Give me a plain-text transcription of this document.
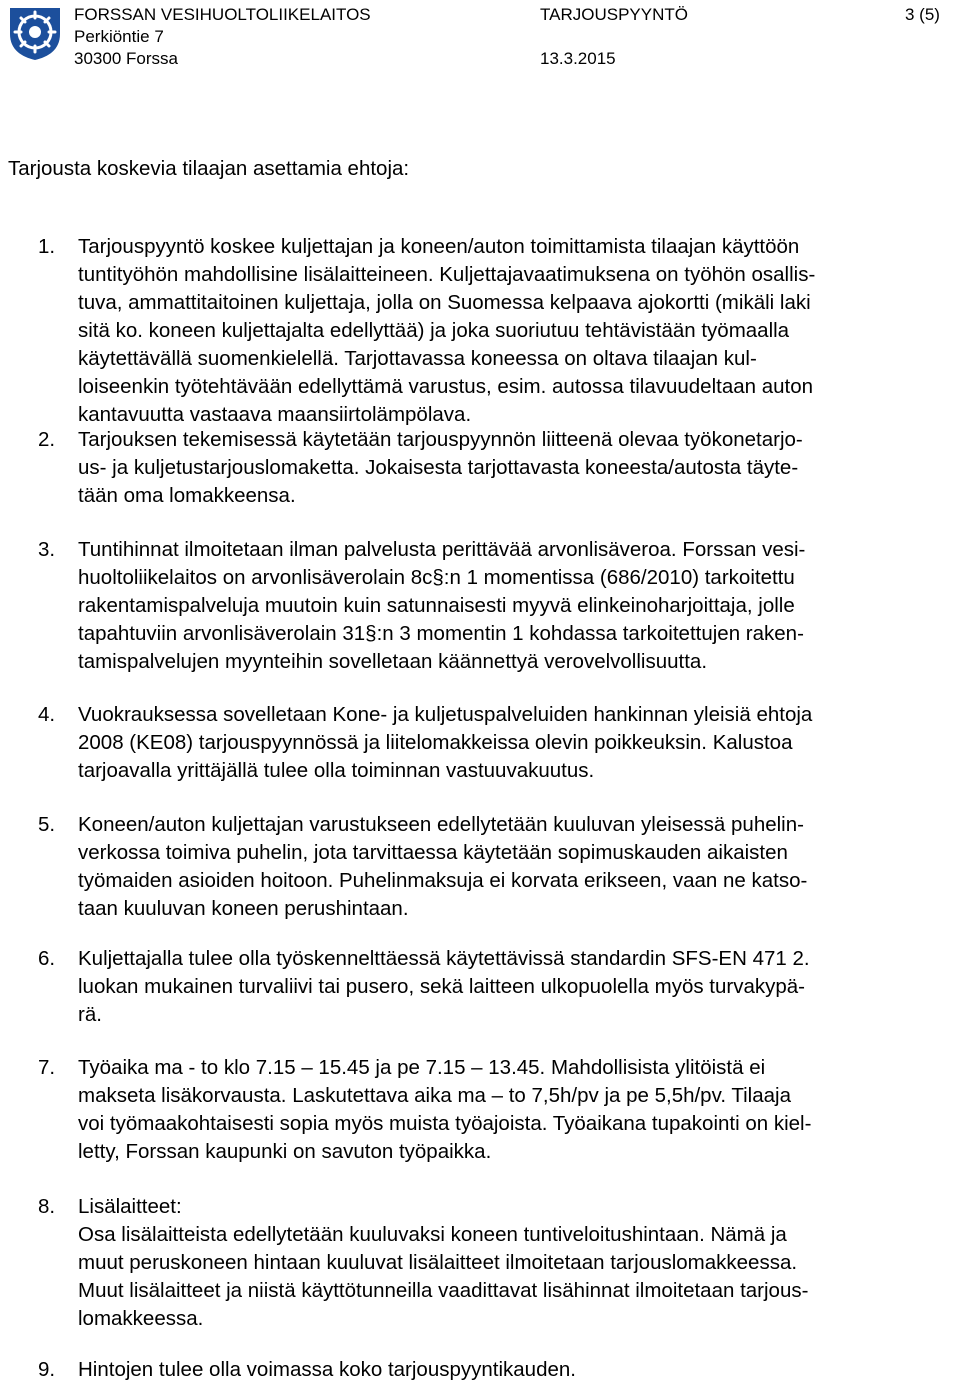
FORSSAN VESIHUOLTOLIIKELAITOS
Perkiöntie 7
30300 Forssa
TARJOUSPYYNTÖ
13.3.2015
3 (5)
Tarjousta koskevia tilaajan asettamia ehtoja:
1. Tarjouspyyntö koskee kuljettajan ja koneen/auton toimittamista tilaajan käyttöön
tuntityöhön mahdollisine lisälaitteineen. Kuljettajavaatimuksena on työhön osallis-
tuva, ammattitaitoinen kuljettaja, jolla on Suomessa kelpaava ajokortti (mikäli laki
sitä ko. koneen kuljettajalta edellyttää) ja joka suoriutuu tehtävistään työmaalla
käytettävällä suomenkielellä. Tarjottavassa koneessa on oltava tilaajan kul-
loiseenkin työtehtävään edellyttämä varustus, esim. autossa tilavuudeltaan auton
kantavuutta vastaava maansiirtolämpölava.
2. Tarjouksen tekemisessä käytetään tarjouspyynnön liitteenä olevaa työkonetarjo-
us- ja kuljetustarjouslomaketta. Jokaisesta tarjottavasta koneesta/autosta täyte-
tään oma lomakkeensa.
3. Tuntihinnat ilmoitetaan ilman palvelusta perittävää arvonlisäveroa. Forssan vesi-
huoltoliikelaitos on arvonlisäverolain 8c§:n 1 momentissa (686/2010) tarkoitettu
rakentamispalveluja muutoin kuin satunnaisesti myyvä elinkeinoharjoittaja, jolle
tapahtuviin arvonlisäverolain 31§:n 3 momentin 1 kohdassa tarkoitettujen raken-
tamispalvelujen myynteihin sovelletaan käännettyä verovelvollisuutta.
4. Vuokrauksessa sovelletaan Kone- ja kuljetuspalveluiden hankinnan yleisiä ehtoja
2008 (KE08) tarjouspyynnössä ja liitelomakkeissa olevin poikkeuksin. Kalustoa
tarjoavalla yrittäjällä tulee olla toiminnan vastuuvakuutus.
5. Koneen/auton kuljettajan varustukseen edellytetään kuuluvan yleisessä puhelin-
verkossa toimiva puhelin, jota tarvittaessa käytetään sopimuskauden aikaisten
työmaiden asioiden hoitoon. Puhelinmaksuja ei korvata erikseen, vaan ne katso-
taan kuuluvan koneen perushintaan.
6. Kuljettajalla tulee olla työskennelttäessä käytettävissä standardin SFS-EN 471 2.
luokan mukainen turvaliivi tai pusero, sekä laitteen ulkopuolella myös turvakypä-
rä.
7. Työaika ma - to klo 7.15 – 15.45 ja pe 7.15 – 13.45. Mahdollisista ylitöistä ei
makseta lisäkorvausta. Laskutettava aika ma – to 7,5h/pv ja pe 5,5h/pv. Tilaaja
voi työmaakohtaisesti sopia myös muista työajoista. Työaikana tupakointi on kiel-
letty, Forssan kaupunki on savuton työpaikka.
8. Lisälaitteet:
Osa lisälaitteista edellytetään kuuluvaksi koneen tuntiveloitushintaan. Nämä ja
muut peruskoneen hintaan kuuluvat lisälaitteet ilmoitetaan tarjouslomakkeessa.
Muut lisälaitteet ja niistä käyttötunneilla vaadittavat lisähinnat ilmoitetaan tarjous-
lomakkeessa.
9. Hintojen tulee olla voimassa koko tarjouspyyntikauden.
